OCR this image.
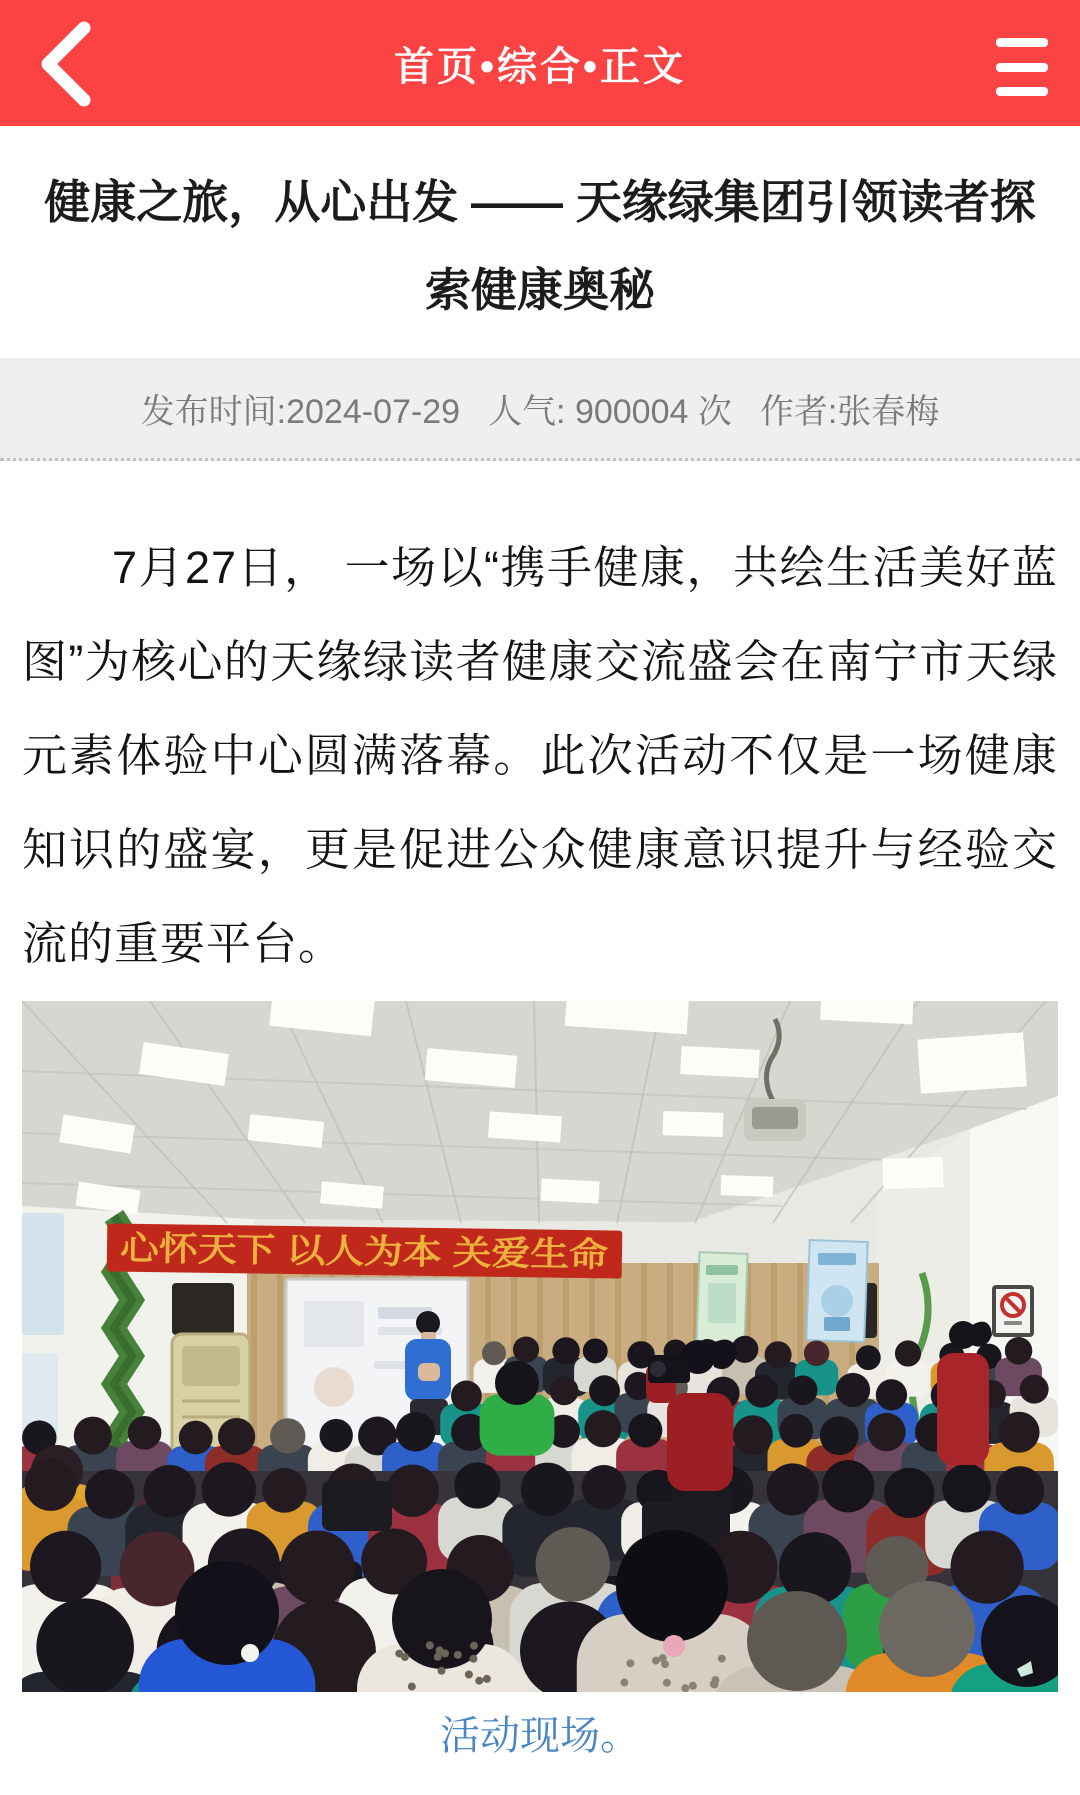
首页•综合•正文
健康之旅，从心出发 —— 天缘绿集团引领读者探索健康奥秘
发布时间:2024-07-29 人气: 900004 次 作者:张春梅

7月27日， 一场以“携手健康，共绘生活美好蓝图”为核心的天缘绿读者健康交流盛会在南宁市天绿元素体验中心圆满落幕。此次活动不仅是一场健康知识的盛宴，更是促进公众健康意识提升与经验交流的重要平台。

心怀天下 以人为本 关爱生命
活动现场。
